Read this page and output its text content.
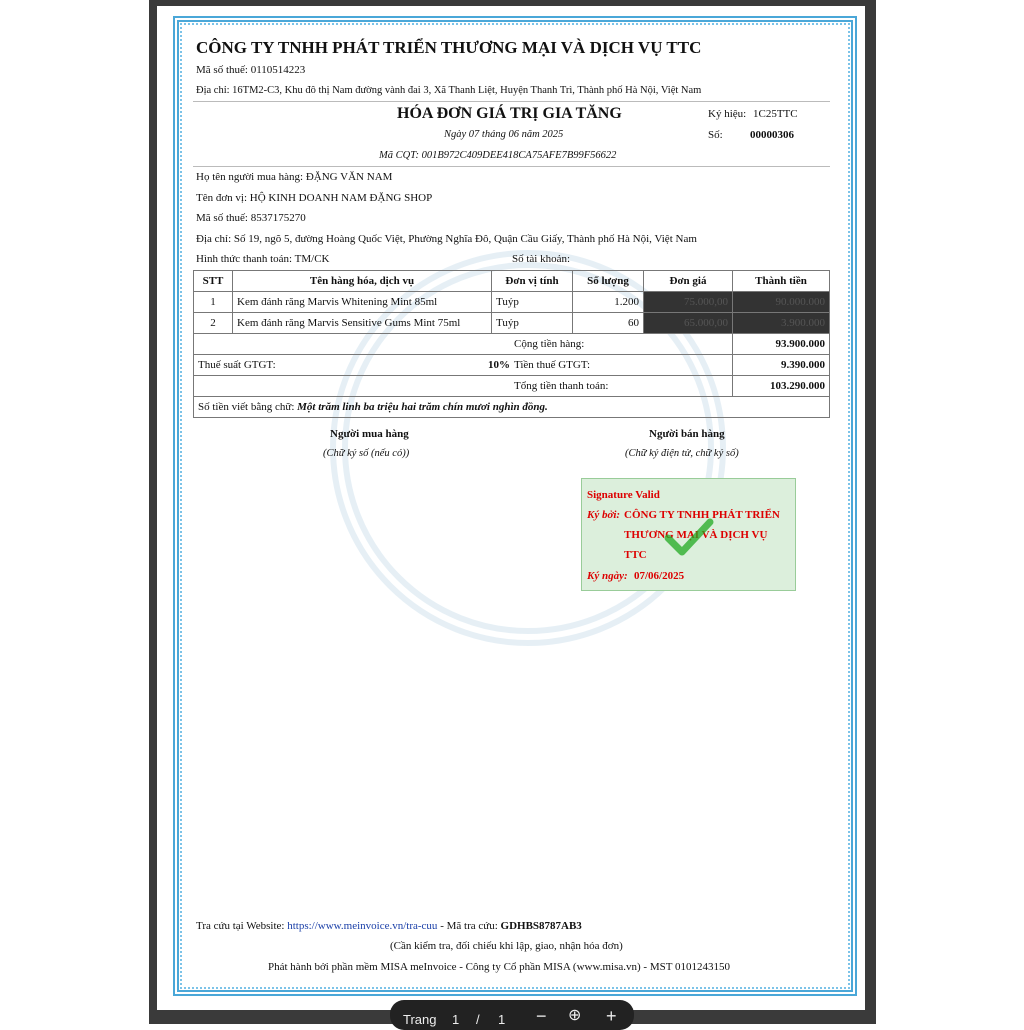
CÔNG TY TNHH PHÁT TRIỂN THƯƠNG MẠI VÀ DỊCH VỤ TTC
Mã số thuế: 0110514223
Địa chỉ: 16TM2-C3, Khu đô thị Nam đường vành đai 3, Xã Thanh Liệt, Huyện Thanh Trì, Thành phố Hà Nội, Việt Nam
HÓA ĐƠN GIÁ TRỊ GIA TĂNG
Ngày 07 tháng 06 năm 2025
Mã CQT: 001B972C409DEE418CA75AFE7B99F56622
Ký hiệu: 1C25TTC
Số: 00000306
Họ tên người mua hàng: ĐẶNG VĂN NAM
Tên đơn vị: HỘ KINH DOANH NAM ĐẶNG SHOP
Mã số thuế: 8537175270
Địa chỉ: Số 19, ngõ 5, đường Hoàng Quốc Việt, Phường Nghĩa Đô, Quận Cầu Giấy, Thành phố Hà Nội, Việt Nam
Hình thức thanh toán: TM/CK	Số tài khoản:
STT	Tên hàng hóa, dịch vụ	Đơn vị tính	Số lượng	Đơn giá	Thành tiền
1	Kem đánh răng Marvis Whitening Mint 85ml	Tuýp	1.200	75.000,00	90.000.000
2	Kem đánh răng Marvis Sensitive Gums Mint 75ml	Tuýp	60	65.000,00	3.900.000
Cộng tiền hàng:					93.900.000
Thuế suất GTGT: 10% Tiền thuế GTGT:					9.390.000
Tổng tiền thanh toán:					103.290.000
Số tiền viết bằng chữ: Một trăm linh ba triệu hai trăm chín mươi nghìn đồng.					
Người mua hàng
(Chữ ký số (nếu có))
Người bán hàng
(Chữ ký điện tử, chữ ký số)
Signature Valid
Ký bởi: CÔNG TY TNHH PHÁT TRIỂN
THƯƠNG MẠI VÀ DỊCH VỤ
TTC
Ký ngày: 07/06/2025
Tra cứu tại Website: https://www.meinvoice.vn/tra-cuu - Mã tra cứu: GDHBS8787AB3
(Cần kiểm tra, đối chiếu khi lập, giao, nhận hóa đơn)
Phát hành bởi phần mềm MISA meInvoice - Công ty Cổ phần MISA (www.misa.vn) - MST 0101243150
Trang 1 / 1 − ⊕ +
